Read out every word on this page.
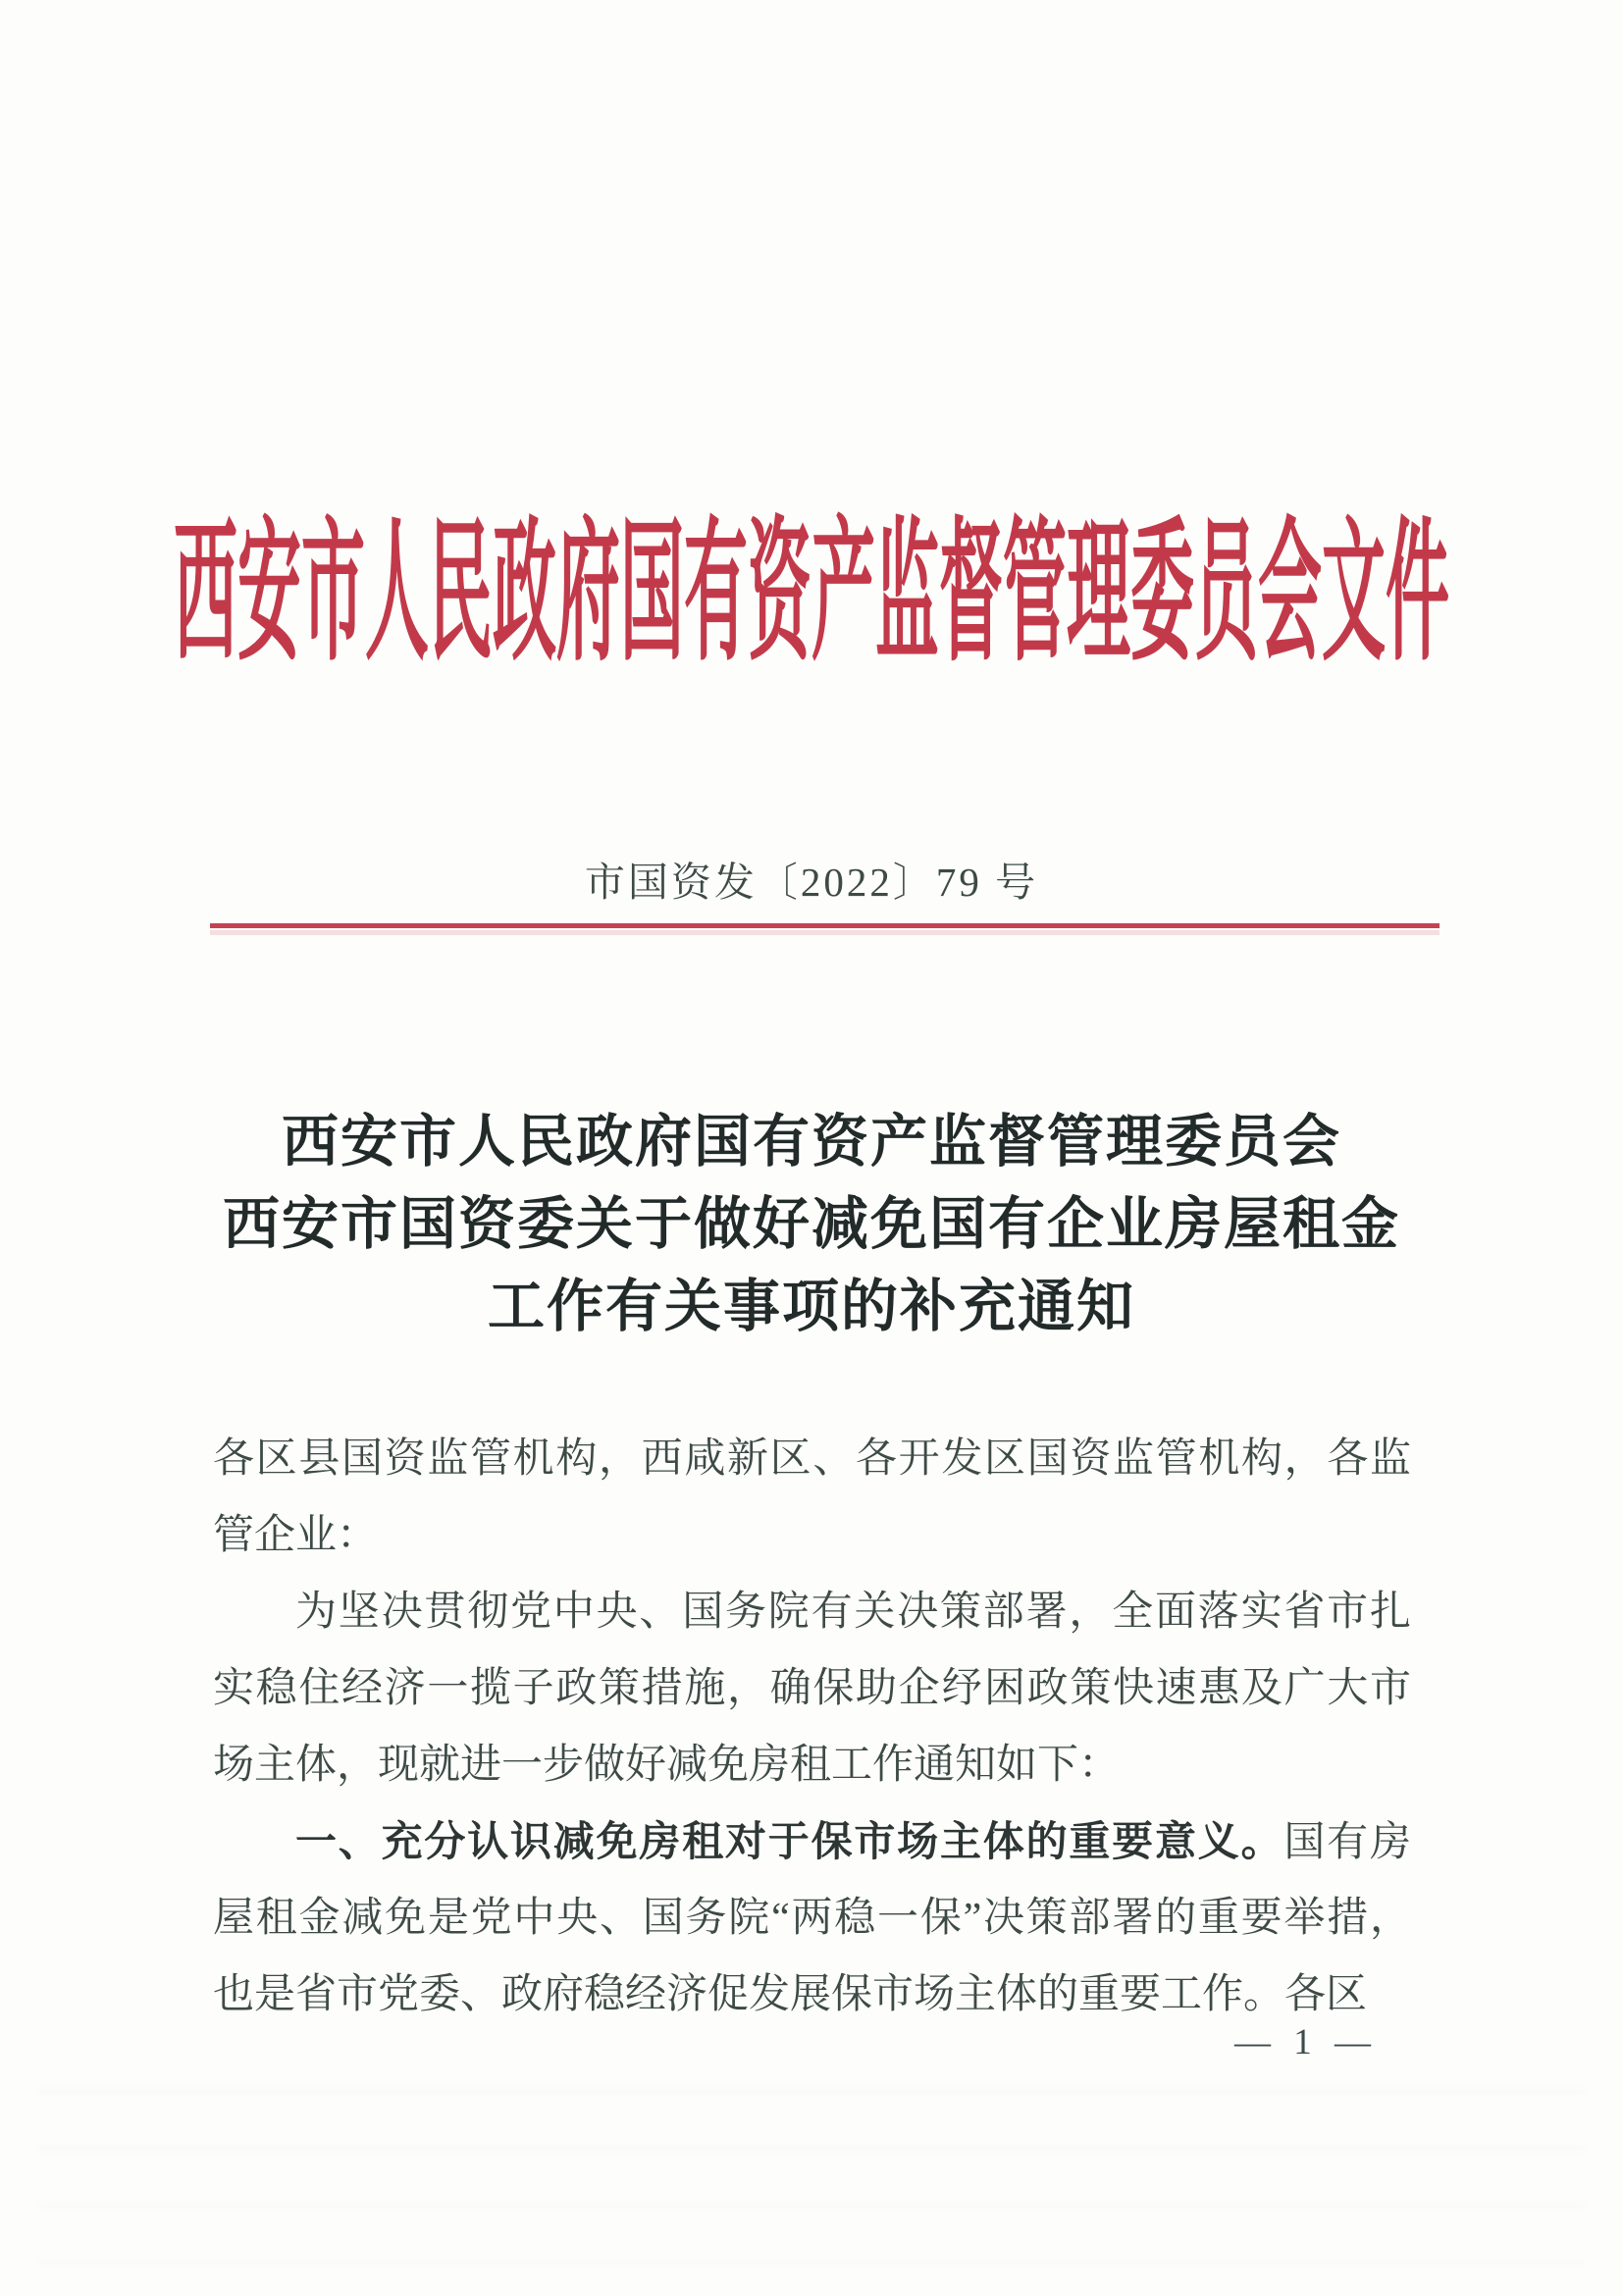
西安市人民政府国有资产监督管理委员会文件
市国资发〔2022〕79 号
西安市人民政府国有资产监督管理委员会
西安市国资委关于做好减免国有企业房屋租金
工作有关事项的补充通知
各区县国资监管机构，西咸新区、各开发区国资监管机构，各监
管企业：
为坚决贯彻党中央、国务院有关决策部署，全面落实省市扎
实稳住经济一揽子政策措施，确保助企纾困政策快速惠及广大市
场主体，现就进一步做好减免房租工作通知如下：
一、充分认识减免房租对于保市场主体的重要意义。国有房
屋租金减免是党中央、国务院“两稳一保”决策部署的重要举措，
也是省市党委、政府稳经济促发展保市场主体的重要工作。各区
— 1 —
